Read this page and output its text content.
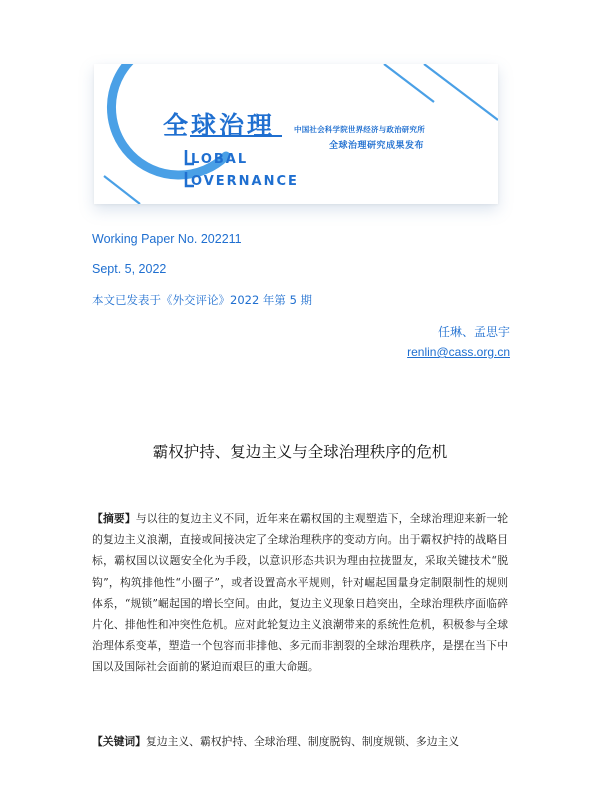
全球治理	中国社会科学院世界经济与政治研究所
全球治理研究成果发布
LOBAL
OVERNANCE
Working Paper No. 202211
Sept. 5, 2022
本文已发表于《外交评论》2022 年第 5 期
任琳、孟思宇
renlin@cass.org.cn
霸权护持、复边主义与全球治理秩序的危机

【摘要】与以往的复边主义不同，近年来在霸权国的主观塑造下，全球治理迎来新一轮的复边主义浪潮，直接或间接决定了全球治理秩序的变动方向。出于霸权护持的战略目标，霸权国以议题安全化为手段，以意识形态共识为理由拉拢盟友，采取关键技术“脱钩”，构筑排他性“小圈子”，或者设置高水平规则，针对崛起国量身定制限制性的规则体系，“规锁”崛起国的增长空间。由此，复边主义现象日趋突出，全球治理秩序面临碎片化、排他性和冲突性危机。应对此轮复边主义浪潮带来的系统性危机，积极参与全球治理体系变革，塑造一个包容而非排他、多元而非割裂的全球治理秩序，是摆在当下中国以及国际社会面前的紧迫而艰巨的重大命题。

【关键词】复边主义、霸权护持、全球治理、制度脱钩、制度规锁、多边主义
